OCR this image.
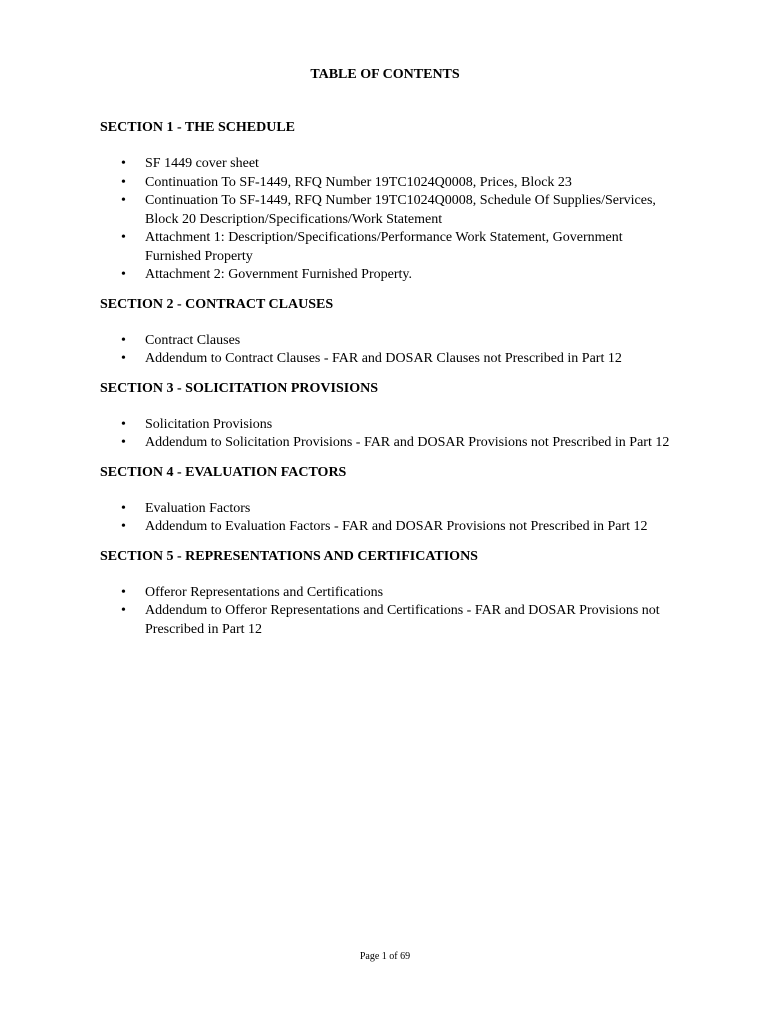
TABLE OF CONTENTS
SECTION 1 - THE SCHEDULE
• SF 1449 cover sheet
• Continuation To SF-1449, RFQ Number 19TC1024Q0008, Prices, Block 23
• Continuation To SF-1449, RFQ Number 19TC1024Q0008, Schedule Of Supplies/Services, Block 20 Description/Specifications/Work Statement
• Attachment 1: Description/Specifications/Performance Work Statement, Government Furnished Property
• Attachment 2: Government Furnished Property.
SECTION 2 - CONTRACT CLAUSES
• Contract Clauses
• Addendum to Contract Clauses - FAR and DOSAR Clauses not Prescribed in Part 12
SECTION 3 - SOLICITATION PROVISIONS
• Solicitation Provisions
• Addendum to Solicitation Provisions - FAR and DOSAR Provisions not Prescribed in Part 12
SECTION 4 - EVALUATION FACTORS
• Evaluation Factors
• Addendum to Evaluation Factors - FAR and DOSAR Provisions not Prescribed in Part 12
SECTION 5 - REPRESENTATIONS AND CERTIFICATIONS
• Offeror Representations and Certifications
• Addendum to Offeror Representations and Certifications - FAR and DOSAR Provisions not Prescribed in Part 12
Page 1 of 69
